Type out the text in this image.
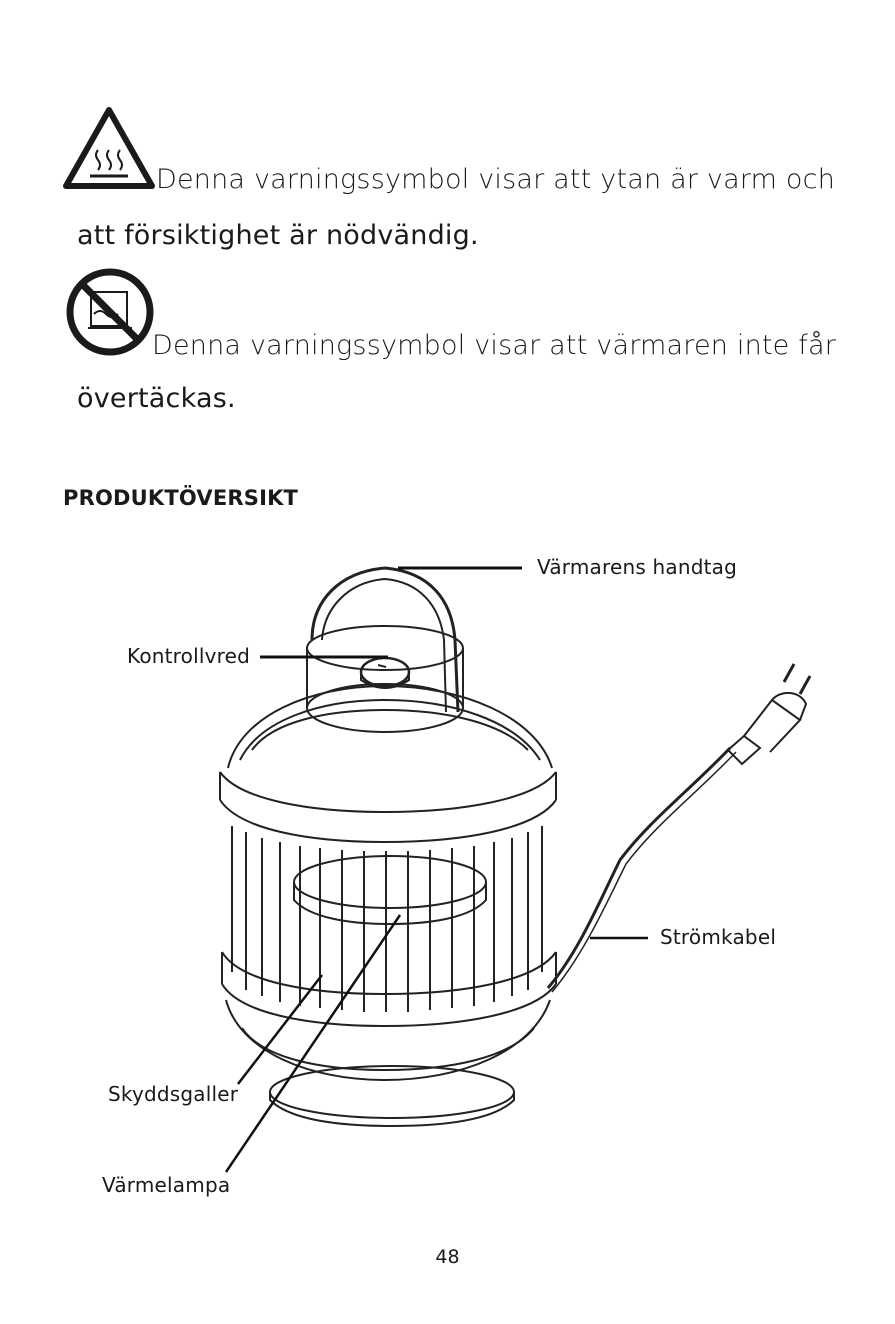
Denna varningssymbol visar att ytan är varm och
att försiktighet är nödvändig.
Denna varningssymbol visar att värmaren inte får
övertäckas.
PRODUKTÖVERSIKT
Värmarens handtag
Kontrollvred
Strömkabel
Skyddsgaller
Värmelampa
48
